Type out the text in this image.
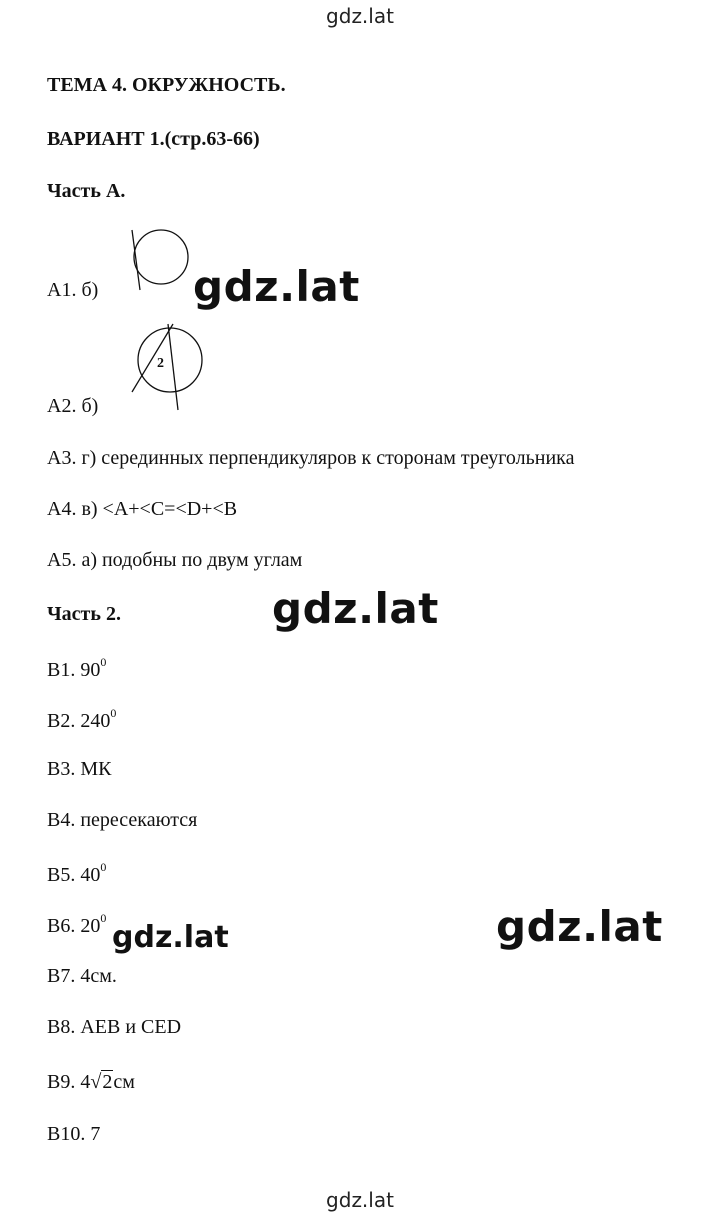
gdz.lat
ТЕМА 4. ОКРУЖНОСТЬ.
ВАРИАНТ 1.(стр.63-66)
Часть А.
А1. б) gdz.lat
2
А2. б)
А3. г) серединных перпендикуляров к сторонам треугольника
А4. в) <A+<C=<D+<B
А5. а) подобны по двум углам
Часть 2.	gdz.lat
В1. $90^0$
В2. $240^0$
В3. МК
В4. пересекаются
В5. $40^0$
В6. $20^0$
gdz.lat	gdz.lat
В7. 4см.
В8. AEB и CED
В9. 4√2см
В10. 7
gdz.lat
